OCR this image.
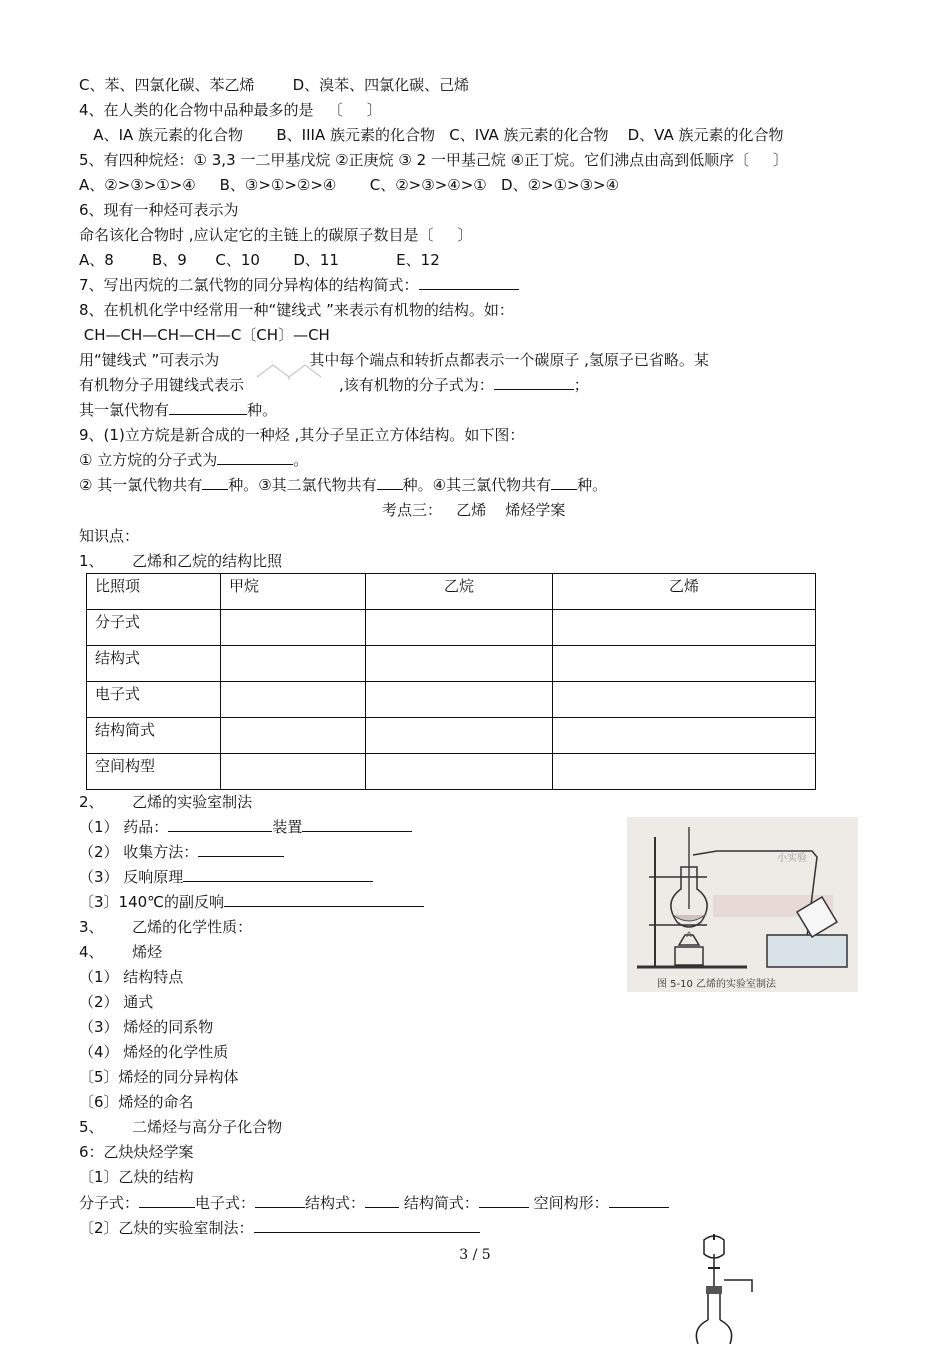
C、苯、四氯化碳、苯乙烯        D、溴苯、四氯化碳、己烯
4、在人类的化合物中品种最多的是   〔     〕
A、IA 族元素的化合物       B、IIIA 族元素的化合物   C、IVA 族元素的化合物    D、VA 族元素的化合物
5、有四种烷烃：① 3,3 一二甲基戊烷 ②正庚烷 ③ 2 一甲基己烷 ④正丁烷。它们沸点由高到低顺序〔     〕
A、②>③>①>④     B、③>①>②>④       C、②>③>④>①   D、②>①>③>④
6、现有一种烃可表示为
命名该化合物时 ,应认定它的主链上的碳原子数目是〔     〕
A、8        B、9      C、10       D、11            E、12
7、写出丙烷的二氯代物的同分异构体的结构简式：
8、在机机化学中经常用一种“键线式 ”来表示有机物的结构。如：
CH—CH—CH—CH—C〔CH〕—CH
用“键线式 ”可表示为	其中每个端点和转折点都表示一个碳原子 ,氢原子已省略。某
有机物分子用键线式表示	,该有机物的分子式为：	；
其一氯代物有	种。
9、(1)立方烷是新合成的一种烃 ,其分子呈正立方体结构。如下图：
① 立方烷的分子式为	。
② 其一氯代物共有 种。③其二氯代物共有 种。④其三氯代物共有 种。
考点三：   乙烯    烯烃学案
知识点：
1、      乙烯和乙烷的结构比照
比照项	甲烷	乙烷	乙烯
分子式			
结构式			
电子式			
结构简式			
空间构型			
2、      乙烯的实验室制法
（1） 药品：	装置
（2） 收集方法：
（3） 反响原理
〔3〕140℃的副反响
3、      乙烯的化学性质：
4、      烯烃
（1） 结构特点
（2） 通式
（3） 烯烃的同系物
（4） 烯烃的化学性质
〔5〕烯烃的同分异构体
〔6〕烯烃的命名
5、      二烯烃与高分子化合物
6：乙炔炔烃学案
〔1〕乙炔的结构
分子式：	电子式：	结构式：	结构简式：	空间构形：
〔2〕乙炔的实验室制法：
小实验
图 5-10 乙烯的实验室制法
3 / 5
